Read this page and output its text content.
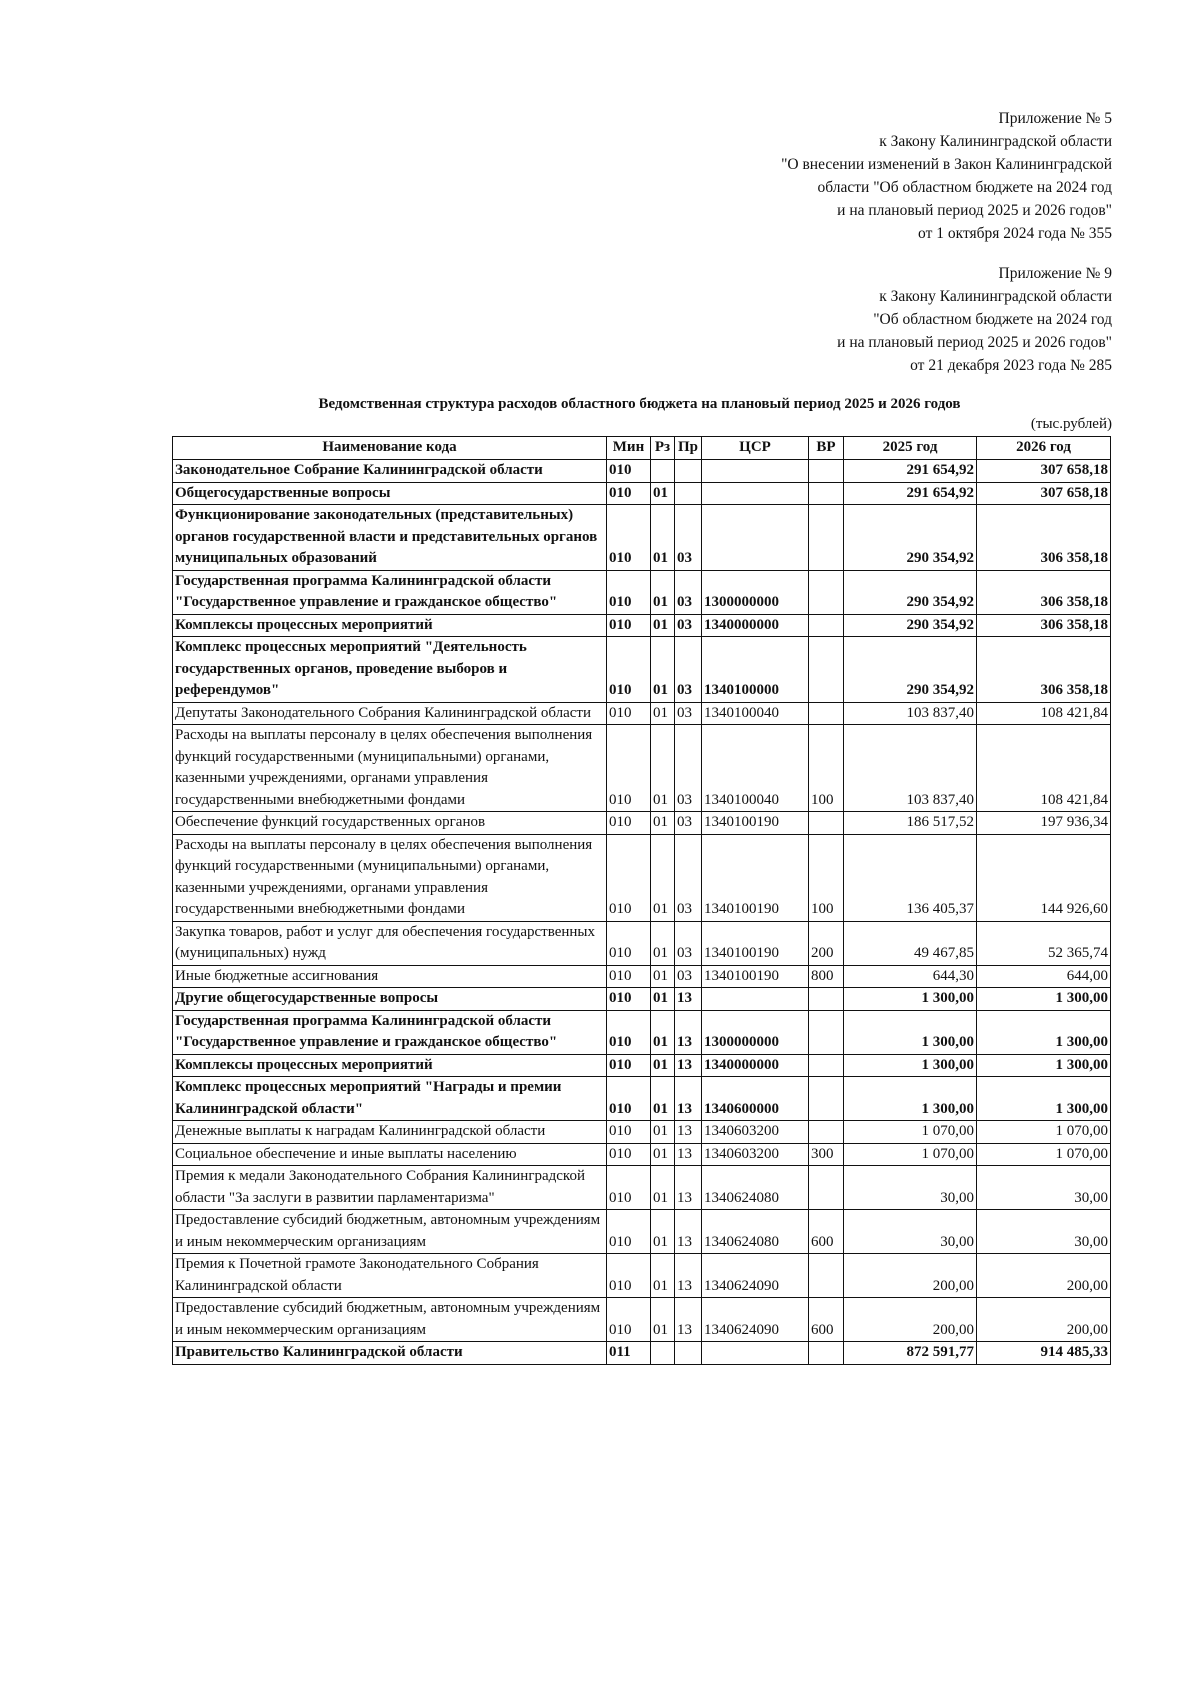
Приложение № 5
к Закону Калининградской области
"О внесении изменений в Закон Калининградской
области "Об областном бюджете на 2024 год
и на плановый период 2025 и 2026 годов"
от 1 октября 2024 года № 355
Приложение № 9
к Закону Калининградской области
"Об областном бюджете на 2024 год
и на плановый период 2025 и 2026 годов"
от 21 декабря 2023 года № 285
Ведомственная структура расходов областного бюджета на плановый период 2025 и 2026 годов
(тыс.рублей)
Наименование кода	Мин	Рз	Пр	ЦСР	ВР	2025 год	2026 год
Законодательное Собрание Калининградской области	010					291 654,92	307 658,18
Общегосударственные вопросы	010	01				291 654,92	307 658,18
Функционирование законодательных (представительных) органов государственной власти и представительных органов муниципальных образований	010	01	03			290 354,92	306 358,18
Государственная программа Калининградской области "Государственное управление и гражданское общество"	010	01	03	1300000000		290 354,92	306 358,18
Комплексы процессных мероприятий	010	01	03	1340000000		290 354,92	306 358,18
Комплекс процессных мероприятий "Деятельность государственных органов, проведение выборов и референдумов"	010	01	03	1340100000		290 354,92	306 358,18
Депутаты Законодательного Собрания Калининградской области	010	01	03	1340100040		103 837,40	108 421,84
Расходы на выплаты персоналу в целях обеспечения выполнения функций государственными (муниципальными) органами, казенными учреждениями, органами управления государственными внебюджетными фондами	010	01	03	1340100040	100	103 837,40	108 421,84
Обеспечение функций государственных органов	010	01	03	1340100190		186 517,52	197 936,34
Расходы на выплаты персоналу в целях обеспечения выполнения функций государственными (муниципальными) органами, казенными учреждениями, органами управления государственными внебюджетными фондами	010	01	03	1340100190	100	136 405,37	144 926,60
Закупка товаров, работ и услуг для обеспечения государственных (муниципальных) нужд	010	01	03	1340100190	200	49 467,85	52 365,74
Иные бюджетные ассигнования	010	01	03	1340100190	800	644,30	644,00
Другие общегосударственные вопросы	010	01	13			1 300,00	1 300,00
Государственная программа Калининградской области "Государственное управление и гражданское общество"	010	01	13	1300000000		1 300,00	1 300,00
Комплексы процессных мероприятий	010	01	13	1340000000		1 300,00	1 300,00
Комплекс процессных мероприятий "Награды и премии Калининградской области"	010	01	13	1340600000		1 300,00	1 300,00
Денежные выплаты к наградам Калининградской области	010	01	13	1340603200		1 070,00	1 070,00
Социальное обеспечение и иные выплаты населению	010	01	13	1340603200	300	1 070,00	1 070,00
Премия к медали Законодательного Собрания Калининградской области "За заслуги в развитии парламентаризма"	010	01	13	1340624080		30,00	30,00
Предоставление субсидий бюджетным, автономным учреждениям и иным некоммерческим организациям	010	01	13	1340624080	600	30,00	30,00
Премия к Почетной грамоте Законодательного Собрания Калининградской области	010	01	13	1340624090		200,00	200,00
Предоставление субсидий бюджетным, автономным учреждениям и иным некоммерческим организациям	010	01	13	1340624090	600	200,00	200,00
Правительство Калининградской области	011					872 591,77	914 485,33
